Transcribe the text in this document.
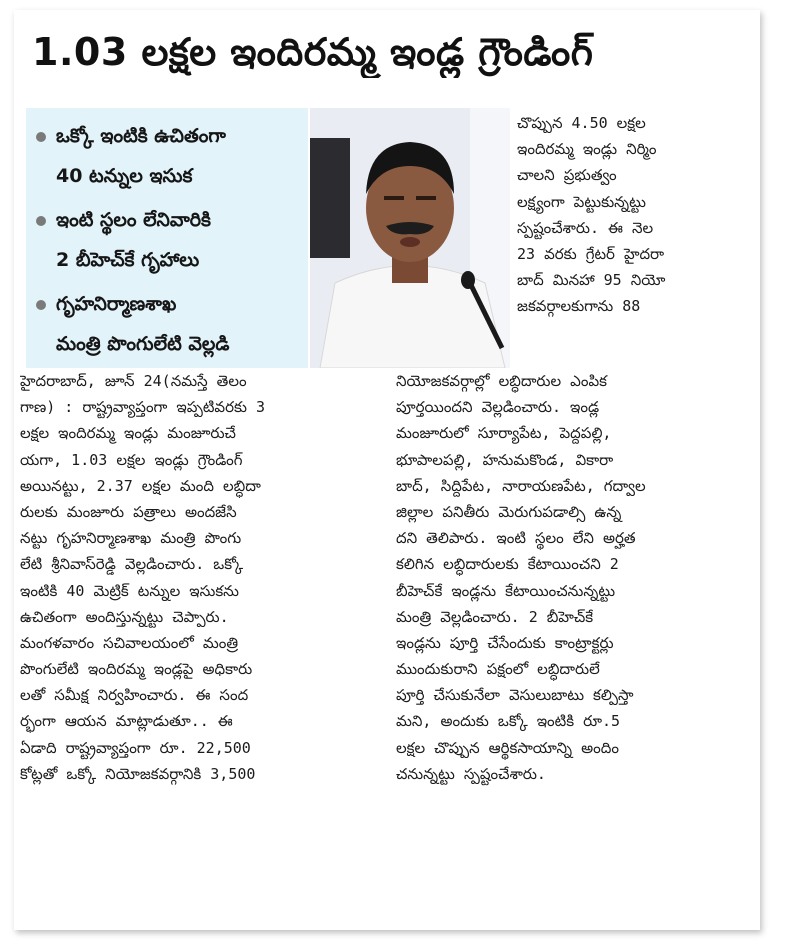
1.03 లక్షల ఇందిరమ్మ ఇండ్ల గ్రౌండింగ్
ఒక్కో ఇంటికి ఉచితంగా
40 టన్నుల ఇసుక
ఇంటి స్థలం లేనివారికి
2 బీహెచ్‌కే గృహాలు
గృహనిర్మాణశాఖ
మంత్రి పొంగులేటి వెల్లడి
చొప్పున 4.50 లక్షల
ఇందిరమ్మ ఇండ్లు నిర్మిం
చాలని ప్రభుత్వం
లక్ష్యంగా పెట్టుకున్నట్టు
స్పష్టంచేశారు. ఈ నెల
23 వరకు గ్రేటర్ హైదరా
బాద్ మినహా 95 నియో
జకవర్గాలకుగాను 88
హైదరాబాద్, జూన్ 24(నమస్తే తెలం
గాణ) : రాష్ట్రవ్యాప్తంగా ఇప్పటివరకు 3
లక్షల ఇందిరమ్మ ఇండ్లు మంజూరుచే
యగా, 1.03 లక్షల ఇండ్లు గ్రౌండింగ్
అయినట్టు, 2.37 లక్షల మంది లబ్ధిదా
రులకు మంజూరు పత్రాలు అందజేసి
నట్టు గృహనిర్మాణశాఖ మంత్రి పొంగు
లేటి శ్రీనివాస్‌రెడ్డి వెల్లడించారు. ఒక్కో
ఇంటికి 40 మెట్రిక్ టన్నుల ఇసుకను
ఉచితంగా అందిస్తున్నట్టు చెప్పారు.
మంగళవారం సచివాలయంలో మంత్రి
పొంగులేటి ఇందిరమ్మ ఇండ్లపై అధికారు
లతో సమీక్ష నిర్వహించారు. ఈ సంద
ర్భంగా ఆయన మాట్లాడుతూ.. ఈ
ఏడాది రాష్ట్రవ్యాప్తంగా రూ. 22,500
కోట్లతో ఒక్కో నియోజకవర్గానికి 3,500
నియోజకవర్గాల్లో లబ్ధిదారుల ఎంపిక
పూర్తయిందని వెల్లడించారు. ఇండ్ల
మంజూరులో సూర్యాపేట, పెద్దపల్లి,
భూపాలపల్లి, హనుమకొండ, వికారా
బాద్, సిద్దిపేట, నారాయణపేట, గద్వాల
జిల్లాల పనితీరు మెరుగుపడాల్సి ఉన్న
దని తెలిపారు. ఇంటి స్థలం లేని అర్హత
కలిగిన లబ్ధిదారులకు కేటాయించని 2
బీహెచ్‌కే ఇండ్లను కేటాయించనున్నట్టు
మంత్రి వెల్లడించారు. 2 బీహెచ్‌కే
ఇండ్లను పూర్తి చేసేందుకు కాంట్రాక్టర్లు
ముందుకురాని పక్షంలో లబ్ధిదారులే
పూర్తి చేసుకునేలా వెసులుబాటు కల్పిస్తా
మని, అందుకు ఒక్కో ఇంటికి రూ.5
లక్షల చొప్పున ఆర్థికసాయాన్ని అందిం
చనున్నట్టు స్పష్టంచేశారు.
